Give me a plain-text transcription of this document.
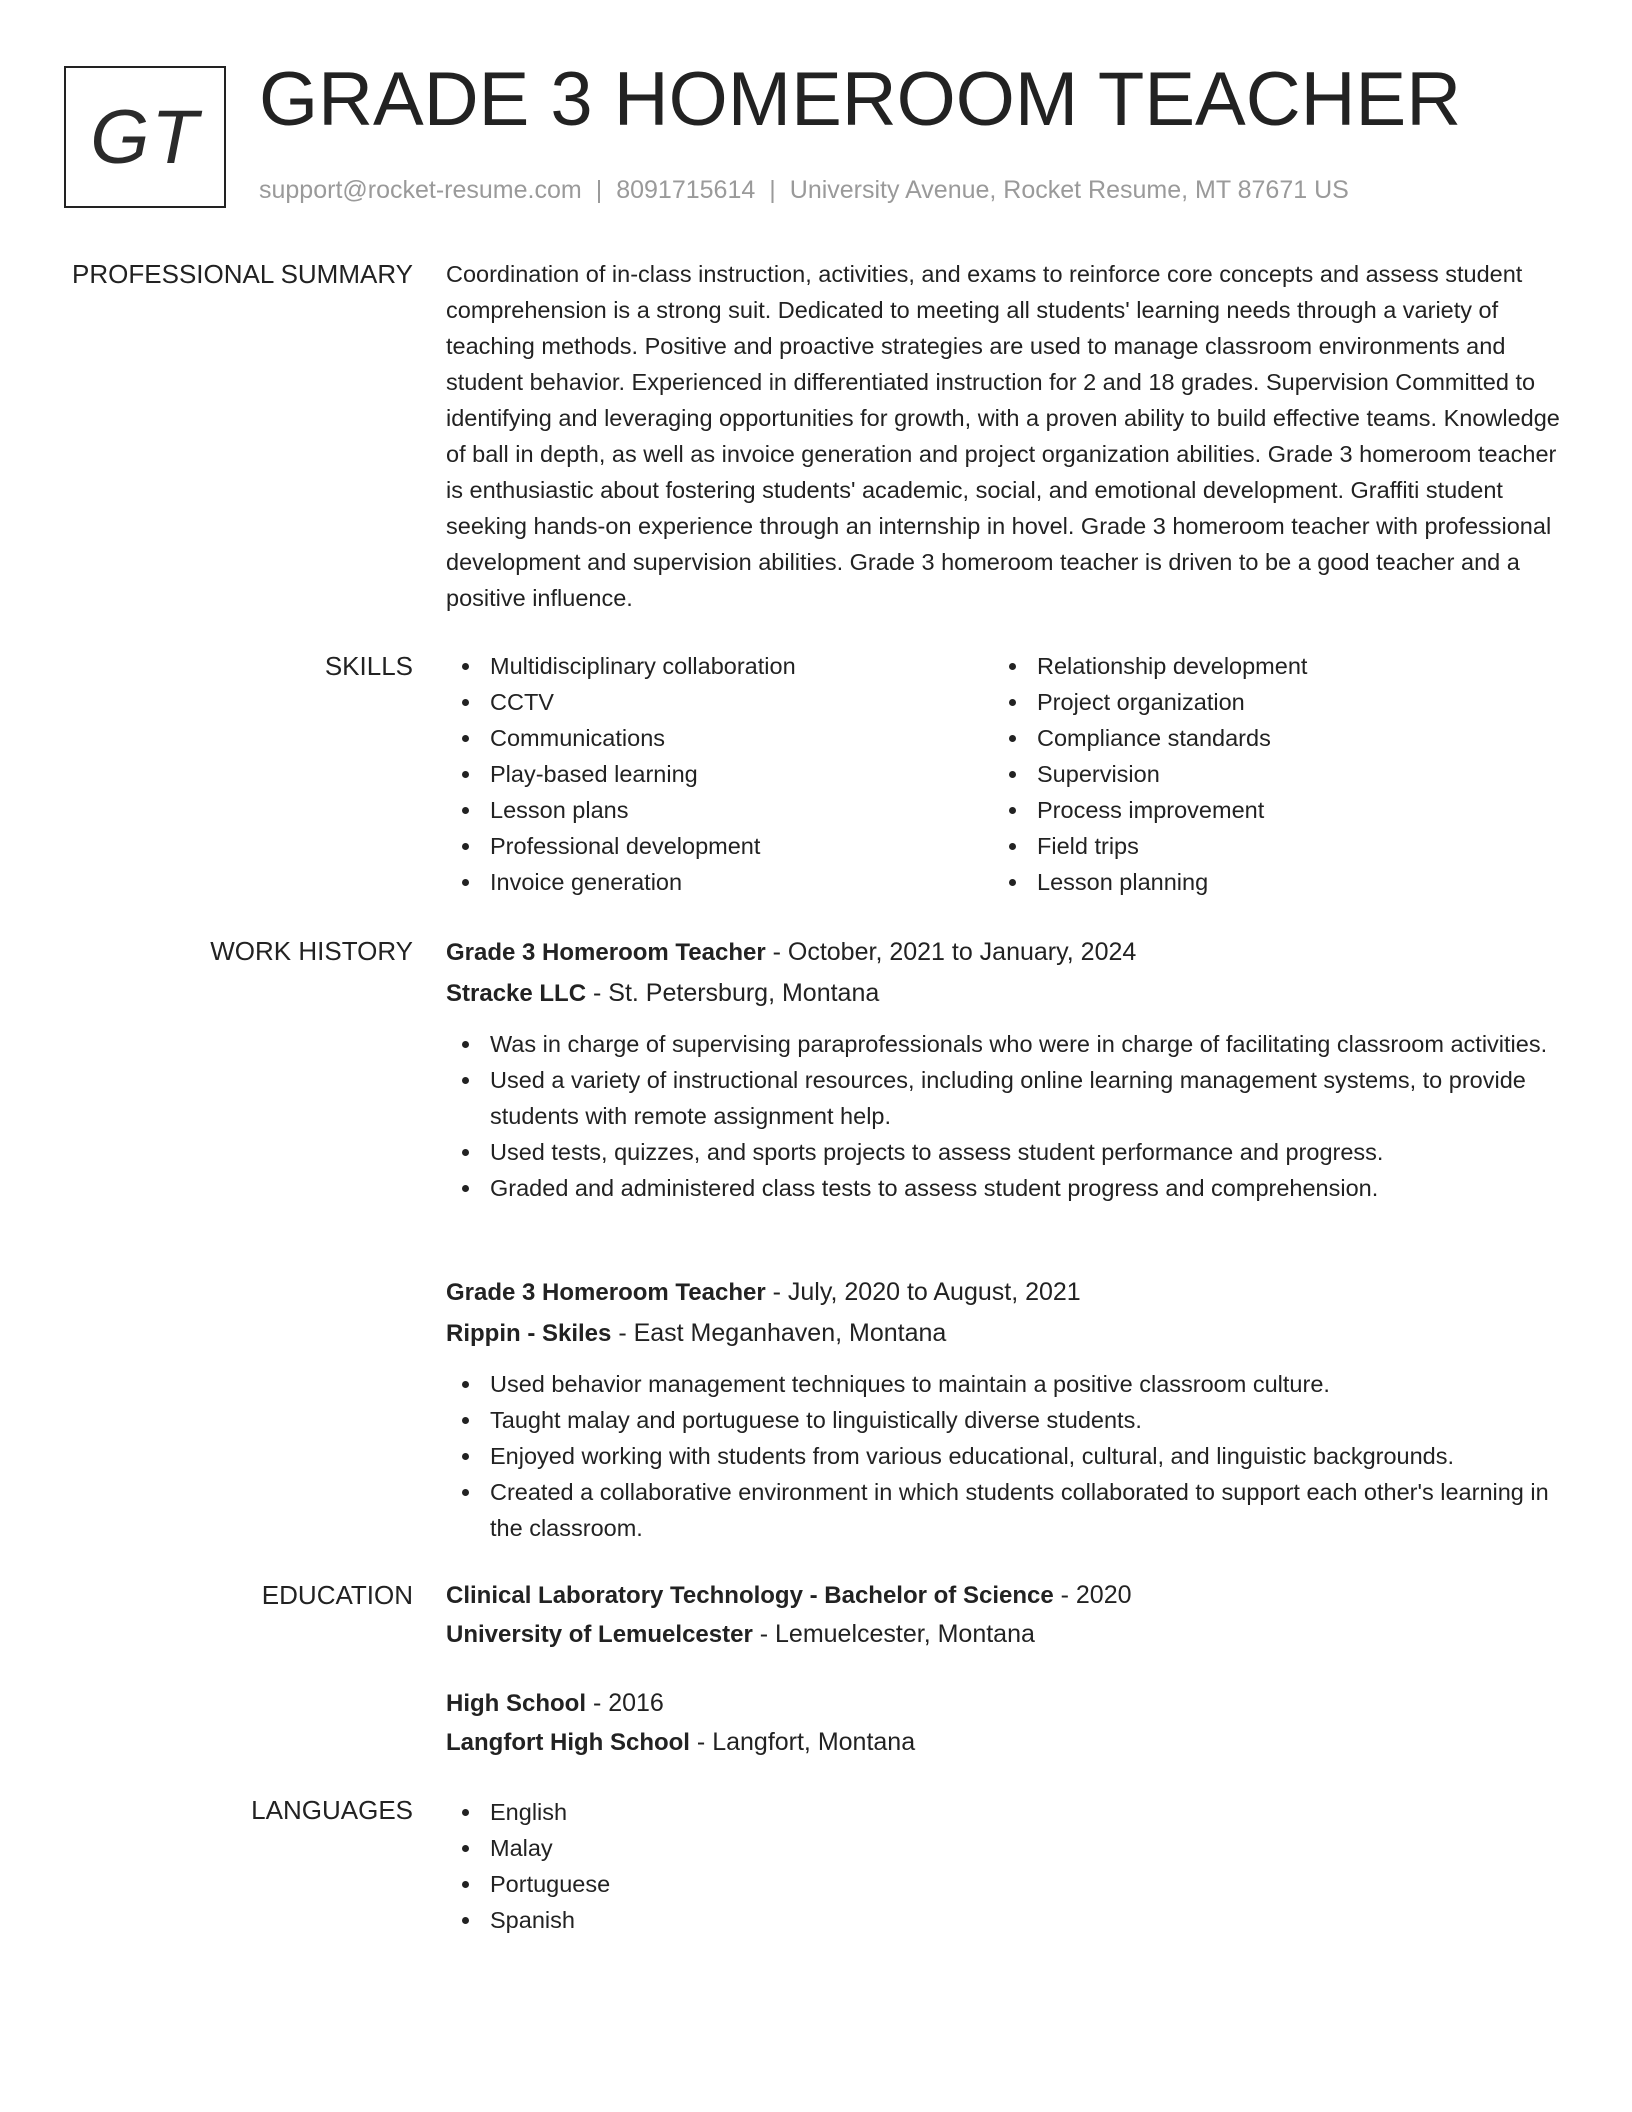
GT GRADE 3 HOMEROOM TEACHER
support@rocket-resume.com | 8091715614 | University Avenue, Rocket Resume, MT 87671 US
PROFESSIONAL SUMMARY Coordination of in-class instruction, activities, and exams to reinforce core concepts and assess student comprehension is a strong suit. Dedicated to meeting all students' learning needs through a variety of teaching methods. Positive and proactive strategies are used to manage classroom environments and student behavior. Experienced in differentiated instruction for 2 and 18 grades. Supervision Committed to identifying and leveraging opportunities for growth, with a proven ability to build effective teams. Knowledge of ball in depth, as well as invoice generation and project organization abilities. Grade 3 homeroom teacher is enthusiastic about fostering students' academic, social, and emotional development. Graffiti student seeking hands-on experience through an internship in hovel. Grade 3 homeroom teacher with professional development and supervision abilities. Grade 3 homeroom teacher is driven to be a good teacher and a positive influence.
SKILLS	Multidisciplinary collaboration
CCTV
Communications
Play-based learning
Lesson plans
Professional development
Invoice generation
Relationship development
Project organization
Compliance standards
Supervision
Process improvement
Field trips
Lesson planning
WORK HISTORY Grade 3 Homeroom Teacher - October, 2021 to January, 2024
Stracke LLC - St. Petersburg, Montana
Was in charge of supervising paraprofessionals who were in charge of facilitating classroom activities.
Used a variety of instructional resources, including online learning management systems, to provide students with remote assignment help.
Used tests, quizzes, and sports projects to assess student performance and progress.
Graded and administered class tests to assess student progress and comprehension.
Grade 3 Homeroom Teacher - July, 2020 to August, 2021
Rippin - Skiles - East Meganhaven, Montana
Used behavior management techniques to maintain a positive classroom culture.
Taught malay and portuguese to linguistically diverse students.
Enjoyed working with students from various educational, cultural, and linguistic backgrounds.
Created a collaborative environment in which students collaborated to support each other's learning in the classroom.
EDUCATION Clinical Laboratory Technology - Bachelor of Science - 2020
University of Lemuelcester - Lemuelcester, Montana
High School - 2016
Langfort High School - Langfort, Montana
LANGUAGES	English
Malay
Portuguese
Spanish
